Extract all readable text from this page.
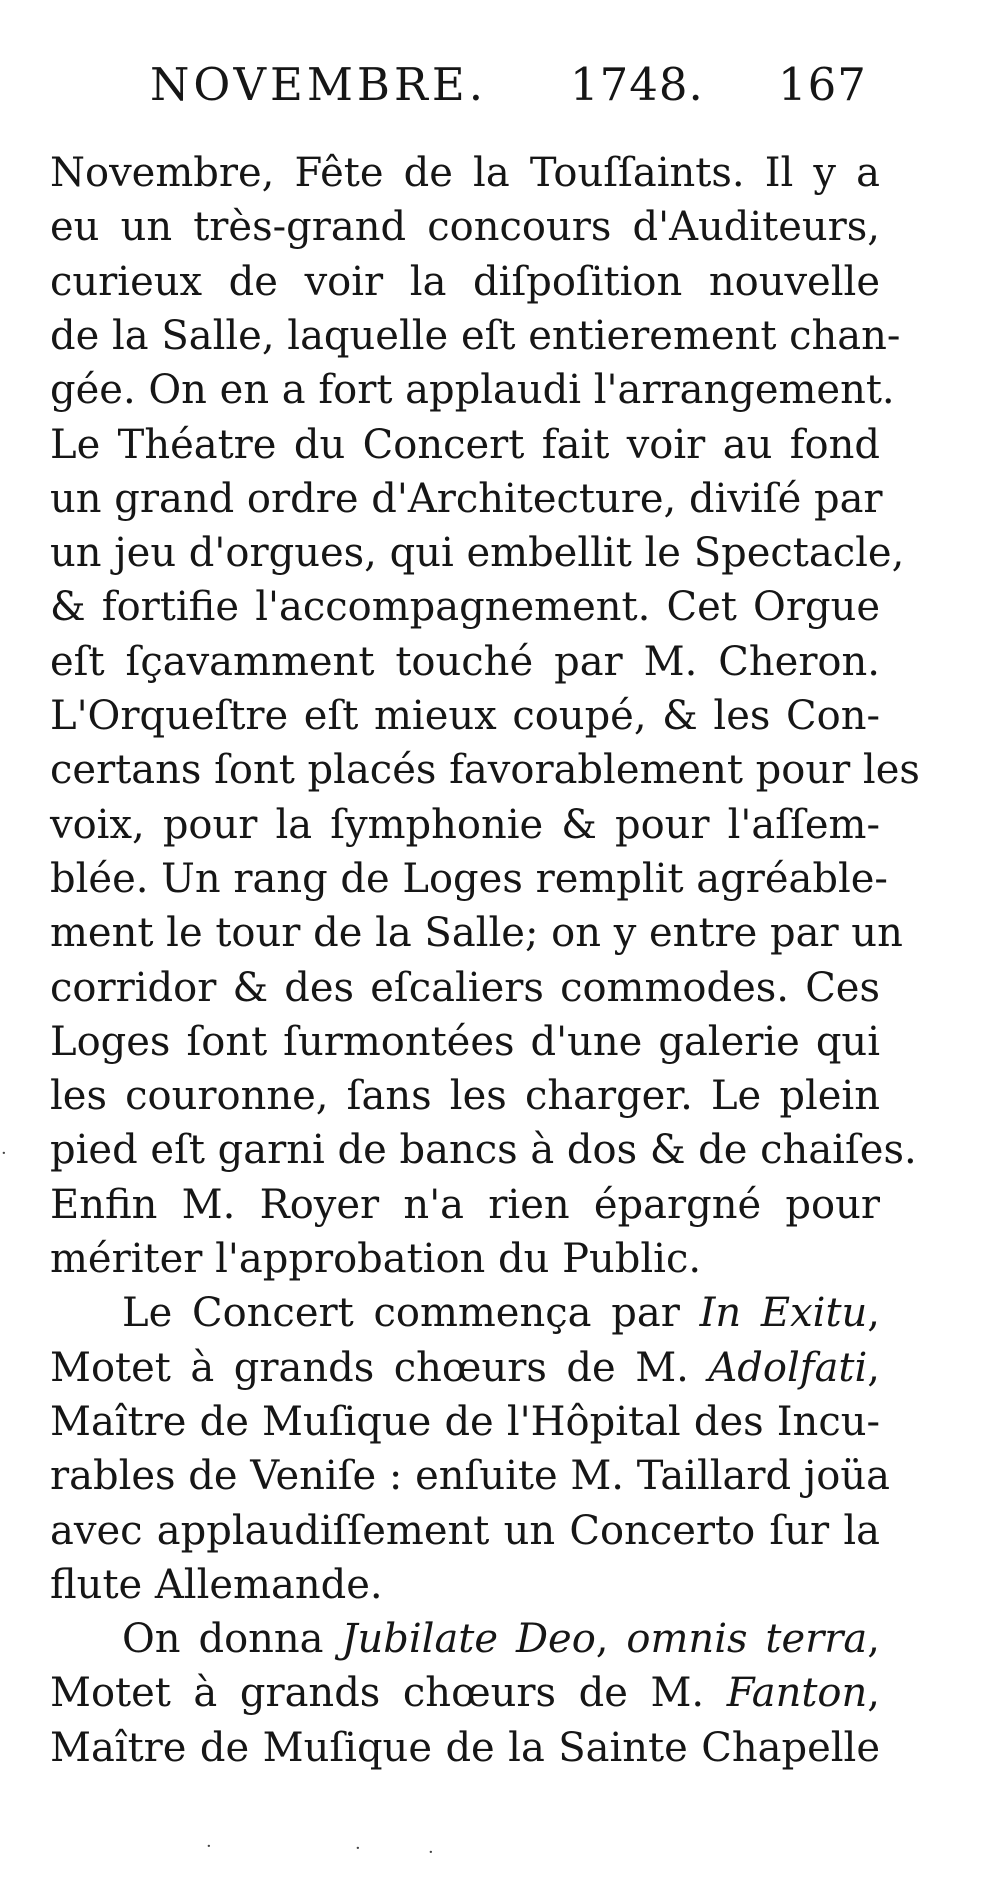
NOVEMBRE. 1748. 167
Novembre, Fête de la Touſſaints. Il y a
eu un très-grand concours d'Auditeurs,
curieux de voir la diſpoſition nouvelle
de la Salle, laquelle eſt entierement chan-
gée. On en a fort applaudi l'arrangement.
Le Théatre du Concert fait voir au fond
un grand ordre d'Architecture, diviſé par
un jeu d'orgues, qui embellit le Spectacle,
& fortifie l'accompagnement. Cet Orgue
eſt ſçavamment touché par M. Cheron.
L'Orqueſtre eſt mieux coupé, & les Con-
certans ſont placés favorablement pour les
voix, pour la ſymphonie & pour l'aſſem-
blée. Un rang de Loges remplit agréable-
ment le tour de la Salle; on y entre par un
corridor & des eſcaliers commodes. Ces
Loges ſont ſurmontées d'une galerie qui
les couronne, ſans les charger. Le plein
pied eſt garni de bancs à dos & de chaiſes.
Enfin M. Royer n'a rien épargné pour
mériter l'approbation du Public.
Le Concert commença par In Exitu,
Motet à grands chœurs de M. Adolfati,
Maître de Muſique de l'Hôpital des Incu-
rables de Veniſe : enſuite M. Taillard joüa
avec applaudiſſement un Concerto ſur la
flute Allemande.
On donna Jubilate Deo, omnis terra,
Motet à grands chœurs de M. Fanton,
Maître de Muſique de la Sainte Chapelle
·
·	·	·
